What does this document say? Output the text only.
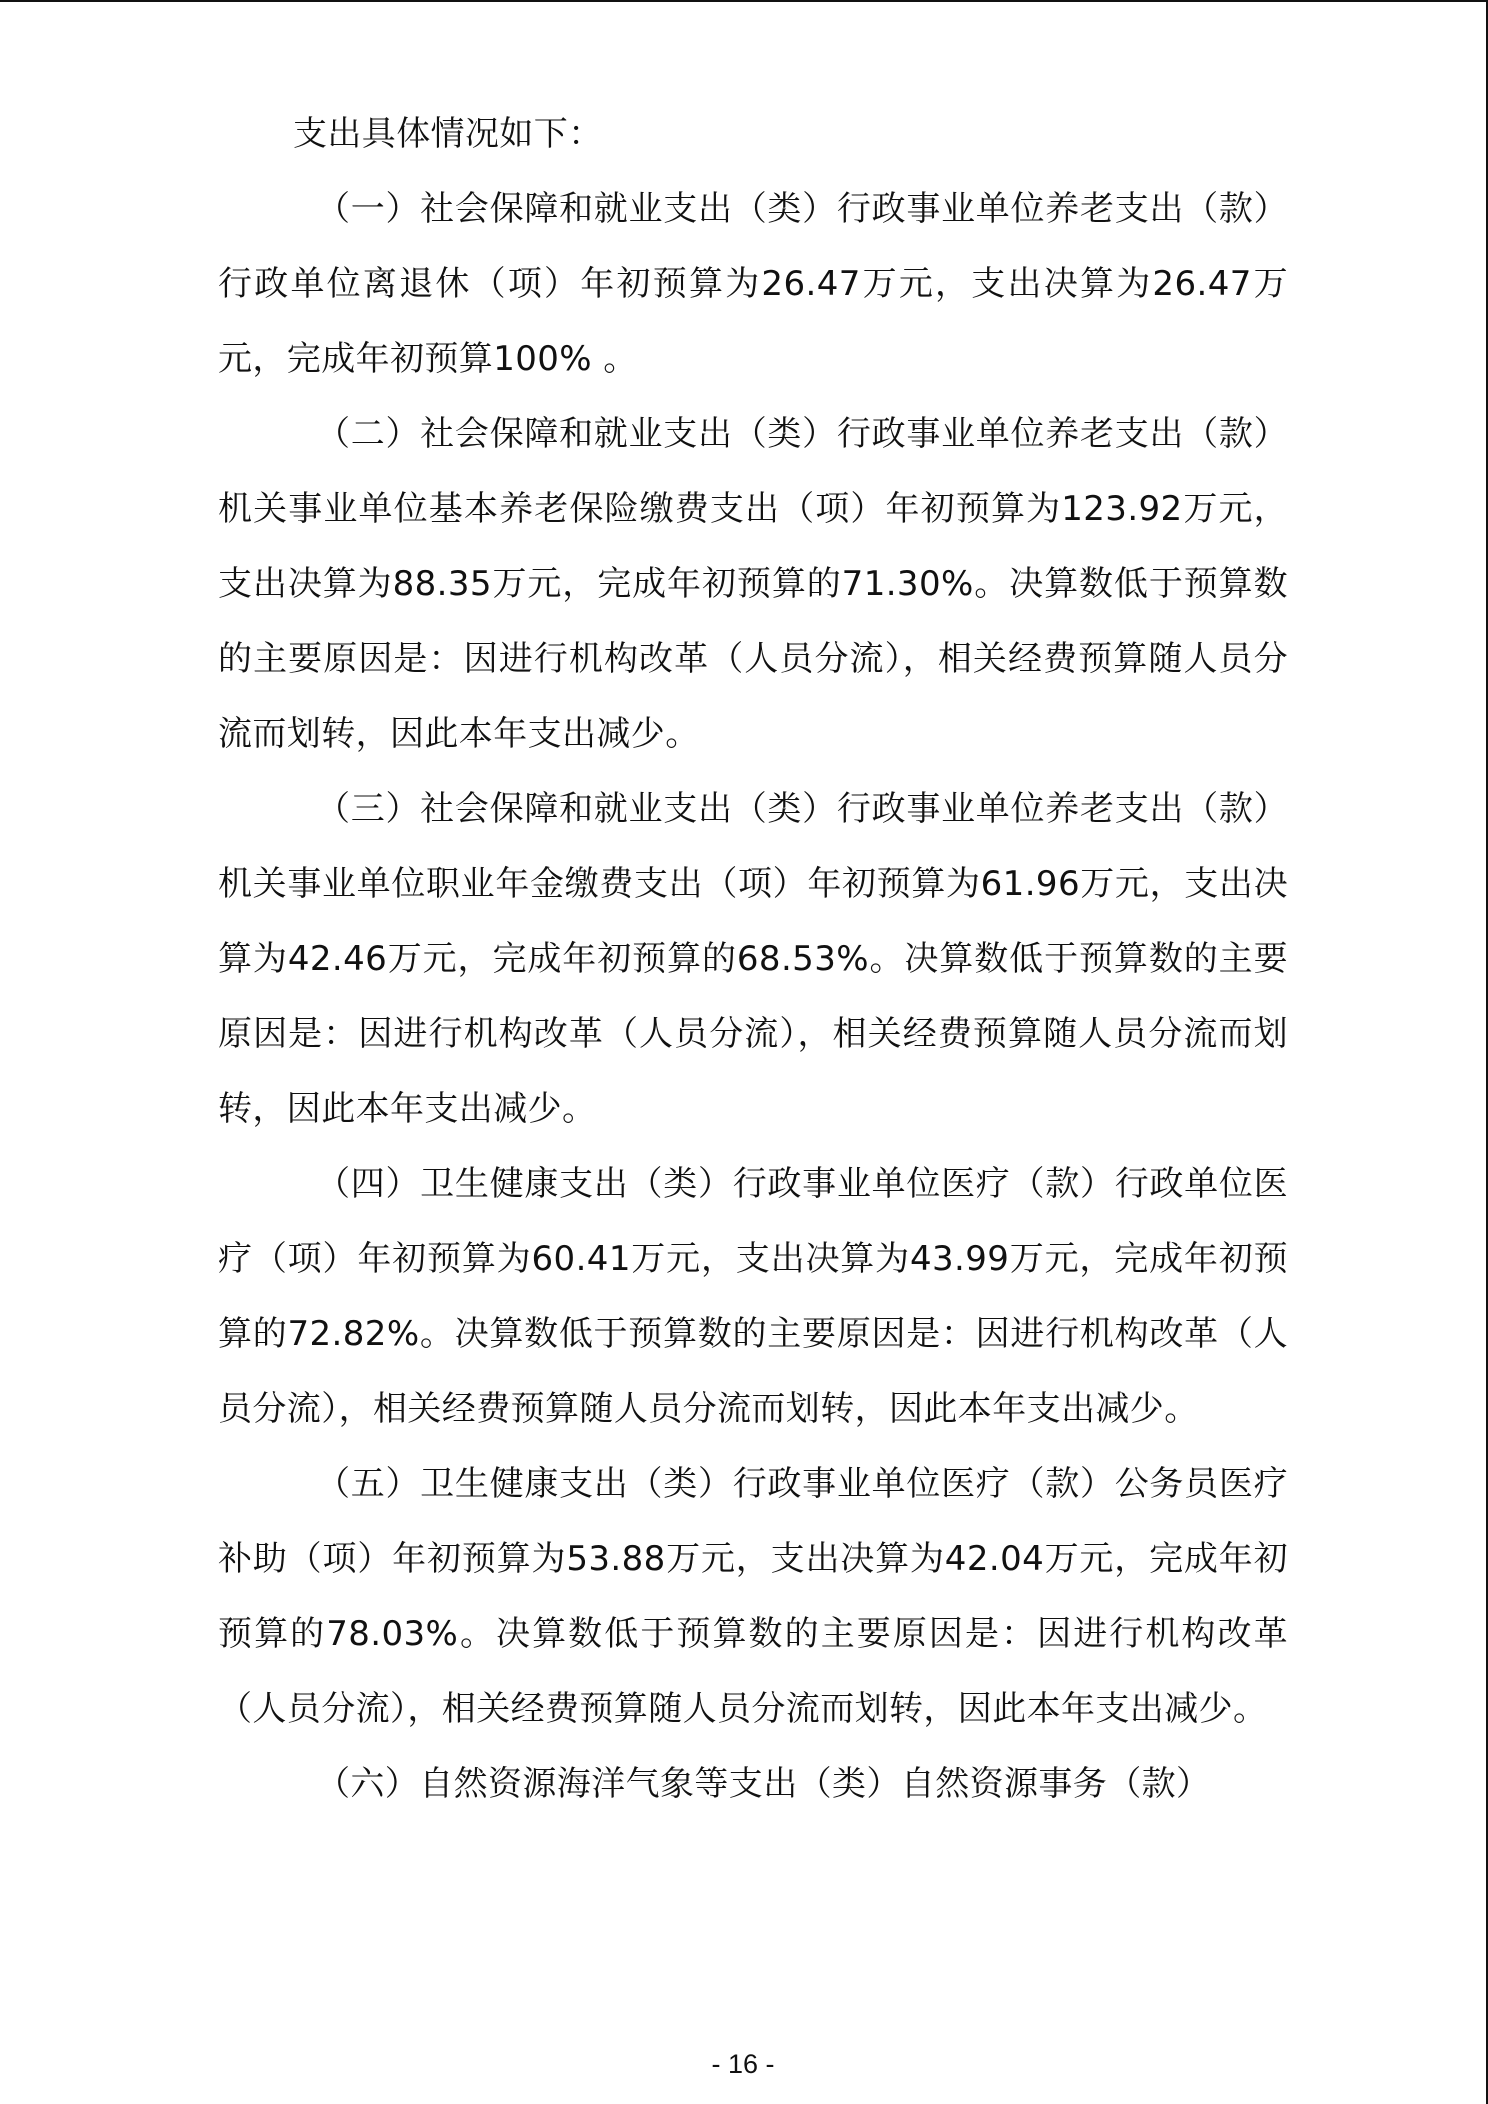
支出具体情况如下：

（一）社会保障和就业支出（类）行政事业单位养老支出（款）行政单位离退休（项）年初预算为26.47万元，支出决算为26.47万元，完成年初预算100% 。

（二）社会保障和就业支出（类）行政事业单位养老支出（款）机关事业单位基本养老保险缴费支出（项）年初预算为123.92万元，支出决算为88.35万元，完成年初预算的71.30%。决算数低于预算数的主要原因是：因进行机构改革（人员分流），相关经费预算随人员分流而划转，因此本年支出减少。

（三）社会保障和就业支出（类）行政事业单位养老支出（款）机关事业单位职业年金缴费支出（项）年初预算为61.96万元，支出决算为42.46万元，完成年初预算的68.53%。决算数低于预算数的主要原因是：因进行机构改革（人员分流），相关经费预算随人员分流而划转，因此本年支出减少。

（四）卫生健康支出（类）行政事业单位医疗（款）行政单位医疗（项）年初预算为60.41万元，支出决算为43.99万元，完成年初预算的72.82%。决算数低于预算数的主要原因是：因进行机构改革（人员分流），相关经费预算随人员分流而划转，因此本年支出减少。

（五）卫生健康支出（类）行政事业单位医疗（款）公务员医疗补助（项）年初预算为53.88万元，支出决算为42.04万元，完成年初预算的78.03%。决算数低于预算数的主要原因是：因进行机构改革（人员分流），相关经费预算随人员分流而划转，因此本年支出减少。

（六）自然资源海洋气象等支出（类）自然资源事务（款）

- 16 -
